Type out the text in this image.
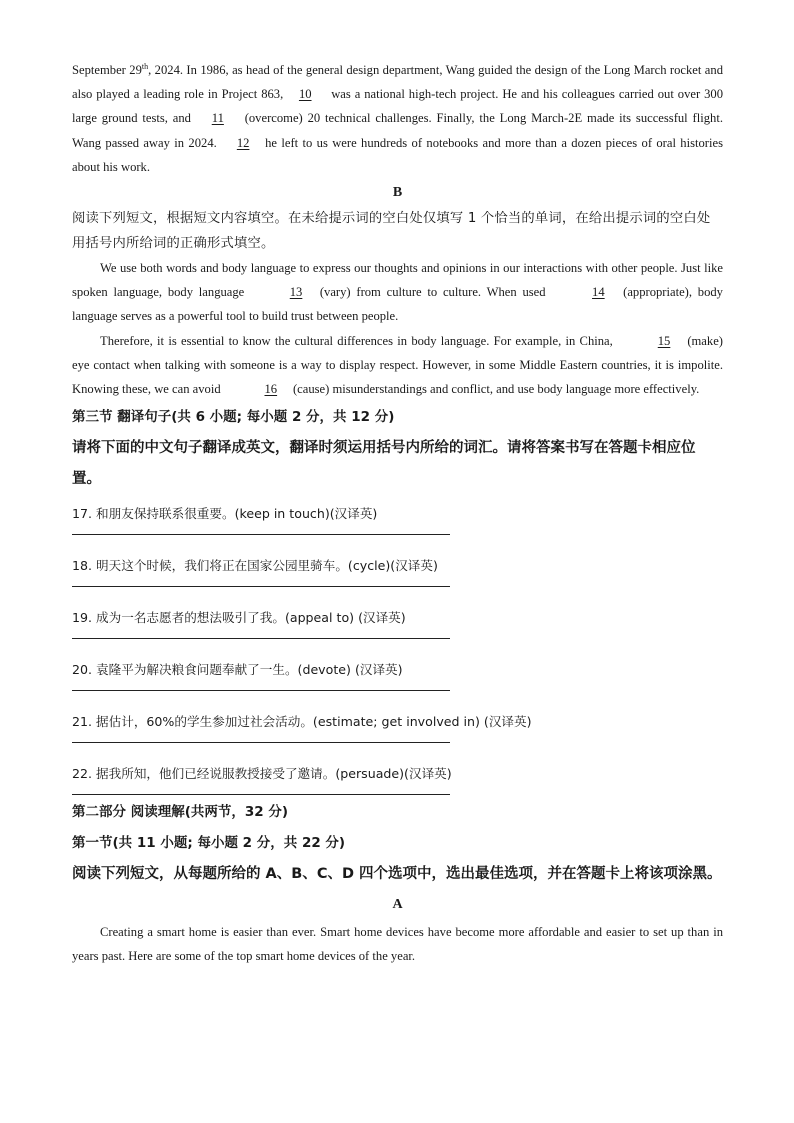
September 29th, 2024. In 1986, as head of the general design department, Wang guided the design of the Long March rocket and also played a leading role in Project 863, 10 was a national high-tech project. He and his colleagues carried out over 300 large ground tests, and 11 (overcome) 20 technical challenges. Finally, the Long March-2E made its successful flight. Wang passed away in 2024. 12 he left to us were hundreds of notebooks and more than a dozen pieces of oral histories about his work.

B

阅读下列短文，根据短文内容填空。在未给提示词的空白处仅填写 1 个恰当的单词，在给出提示词的空白处用括号内所给词的正确形式填空。

We use both words and body language to express our thoughts and opinions in our interactions with other people. Just like spoken language, body language	13 (vary) from culture to culture. When used	14 (appropriate), body language serves as a powerful tool to build trust between people.

Therefore, it is essential to know the cultural differences in body language. For example, in China,	15 (make) eye contact when talking with someone is a way to display respect. However, in some Middle Eastern countries, it is impolite. Knowing these, we can avoid	16 (cause) misunderstandings and conflict, and use body language more effectively.

第三节 翻译句子(共 6 小题; 每小题 2 分，共 12 分)

请将下面的中文句子翻译成英文，翻译时须运用括号内所给的词汇。请将答案书写在答题卡相应位置。

17. 和朋友保持联系很重要。(keep in touch)(汉译英)

18. 明天这个时候，我们将正在国家公园里骑车。(cycle)(汉译英)

19. 成为一名志愿者的想法吸引了我。(appeal to) (汉译英)

20. 袁隆平为解决粮食问题奉献了一生。(devote) (汉译英)

21. 据估计，60%的学生参加过社会活动。(estimate; get involved in) (汉译英)

22. 据我所知，他们已经说服教授接受了邀请。(persuade)(汉译英)

第二部分 阅读理解(共两节，32 分)

第一节(共 11 小题; 每小题 2 分，共 22 分)

阅读下列短文，从每题所给的 A、B、C、D 四个选项中，选出最佳选项，并在答题卡上将该项涂黑。

A

Creating a smart home is easier than ever. Smart home devices have become more affordable and easier to set up than in years past. Here are some of the top smart home devices of the year.
